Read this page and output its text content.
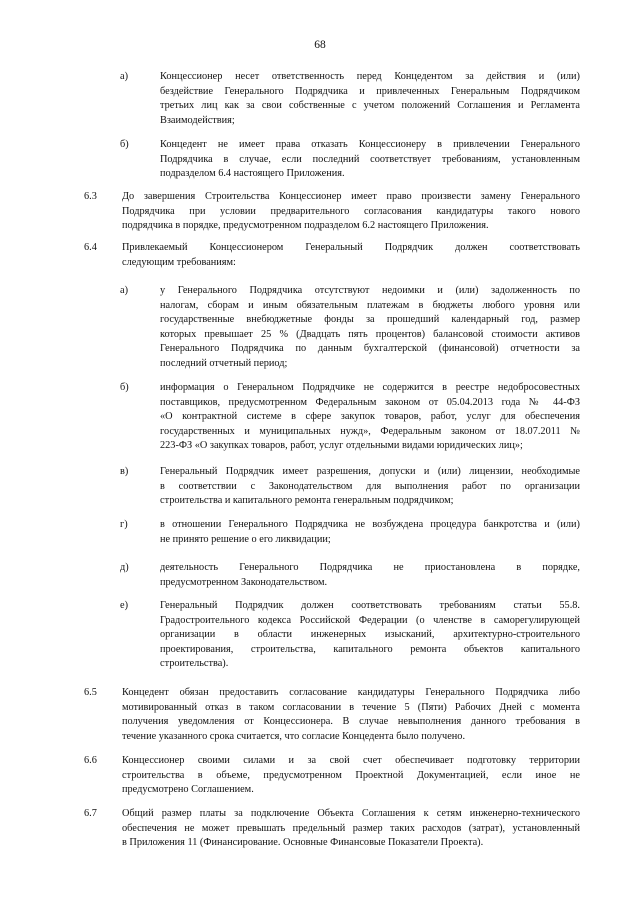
68
а)	Концессионер несет ответственность перед Концедентом за действия и (или)
бездействие Генерального Подрядчика и привлеченных Генеральным Подрядчиком
третьих лиц как за свои собственные с учетом положений Соглашения и Регламента
Взаимодействия;
б)	Концедент не имеет права отказать Концессионеру в привлечении Генерального
Подрядчика в случае, если последний соответствует требованиям, установленным
подразделом 6.4 настоящего Приложения.
6.3 До завершения Строительства Концессионер имеет право произвести замену Генерального
Подрядчика при условии предварительного согласования кандидатуры такого нового
подрядчика в порядке, предусмотренном подразделом 6.2 настоящего Приложения.
6.4 Привлекаемый Концессионером Генеральный Подрядчик должен соответствовать
следующим требованиям:
а)	у Генерального Подрядчика отсутствуют недоимки и (или) задолженность по
налогам, сборам и иным обязательным платежам в бюджеты любого уровня или
государственные внебюджетные фонды за прошедший календарный год, размер
которых превышает 25 % (Двадцать пять процентов) балансовой стоимости активов
Генерального Подрядчика по данным бухгалтерской (финансовой) отчетности за
последний отчетный период;
б)	информация о Генеральном Подрядчике не содержится в реестре недобросовестных
поставщиков, предусмотренном Федеральным законом от 05.04.2013 года № 44-ФЗ
«О контрактной системе в сфере закупок товаров, работ, услуг для обеспечения
государственных и муниципальных нужд», Федеральным законом от 18.07.2011 №
223-ФЗ «О закупках товаров, работ, услуг отдельными видами юридических лиц»;
в)	Генеральный Подрядчик имеет разрешения, допуски и (или) лицензии, необходимые
в соответствии с Законодательством для выполнения работ по организации
строительства и капитального ремонта генеральным подрядчиком;
г)	в отношении Генерального Подрядчика не возбуждена процедура банкротства и (или)
не принято решение о его ликвидации;
д)	деятельность Генерального Подрядчика не приостановлена в порядке,
предусмотренном Законодательством.
е)	Генеральный Подрядчик должен соответствовать требованиям статьи 55.8.
Градостроительного кодекса Российской Федерации (о членстве в саморегулирующей
организации в области инженерных изысканий, архитектурно-строительного
проектирования, строительства, капитального ремонта объектов капитального
строительства).
6.5 Концедент обязан предоставить согласование кандидатуры Генерального Подрядчика либо
мотивированный отказ в таком согласовании в течение 5 (Пяти) Рабочих Дней с момента
получения уведомления от Концессионера. В случае невыполнения данного требования в
течение указанного срока считается, что согласие Концедента было получено.
6.6 Концессионер своими силами и за свой счет обеспечивает подготовку территории
строительства в объеме, предусмотренном Проектной Документацией, если иное не
предусмотрено Соглашением.
6.7 Общий размер платы за подключение Объекта Соглашения к сетям инженерно-технического
обеспечения не может превышать предельный размер таких расходов (затрат), установленный
в Приложения 11 (Финансирование. Основные Финансовые Показатели Проекта).
